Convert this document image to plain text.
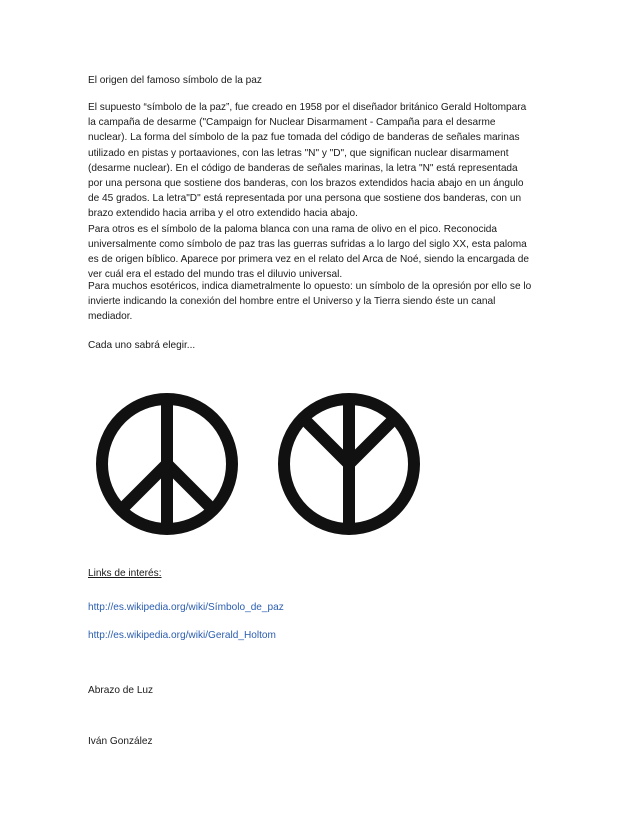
El origen del famoso símbolo de la paz

El supuesto “símbolo de la paz”, fue creado en 1958 por el diseñador británico Gerald Holtompara
la campaña de desarme ("Campaign for Nuclear Disarmament - Campaña para el desarme
nuclear). La forma del símbolo de la paz fue tomada del código de banderas de señales marinas
utilizado en pistas y portaaviones, con las letras "N" y "D", que significan nuclear disarmament
(desarme nuclear). En el código de banderas de señales marinas, la letra "N" está representada
por una persona que sostiene dos banderas, con los brazos extendidos hacia abajo en un ángulo
de 45 grados. La letra"D" está representada por una persona que sostiene dos banderas, con un
brazo extendido hacia arriba y el otro extendido hacia abajo.
Para otros es el símbolo de la paloma blanca con una rama de olivo en el pico. Reconocida
universalmente como símbolo de paz tras las guerras sufridas a lo largo del siglo XX, esta paloma
es de origen bíblico. Aparece por primera vez en el relato del Arca de Noé, siendo la encargada de
ver cuál era el estado del mundo tras el diluvio universal.
Para muchos esotéricos, indica diametralmente lo opuesto: un símbolo de la opresión por ello se lo
invierte indicando la conexión del hombre entre el Universo y la Tierra siendo éste un canal
mediador.

Cada uno sabrá elegir...

Links de interés:

http://es.wikipedia.org/wiki/Símbolo_de_paz
http://es.wikipedia.org/wiki/Gerald_Holtom

Abrazo de Luz

Iván González
